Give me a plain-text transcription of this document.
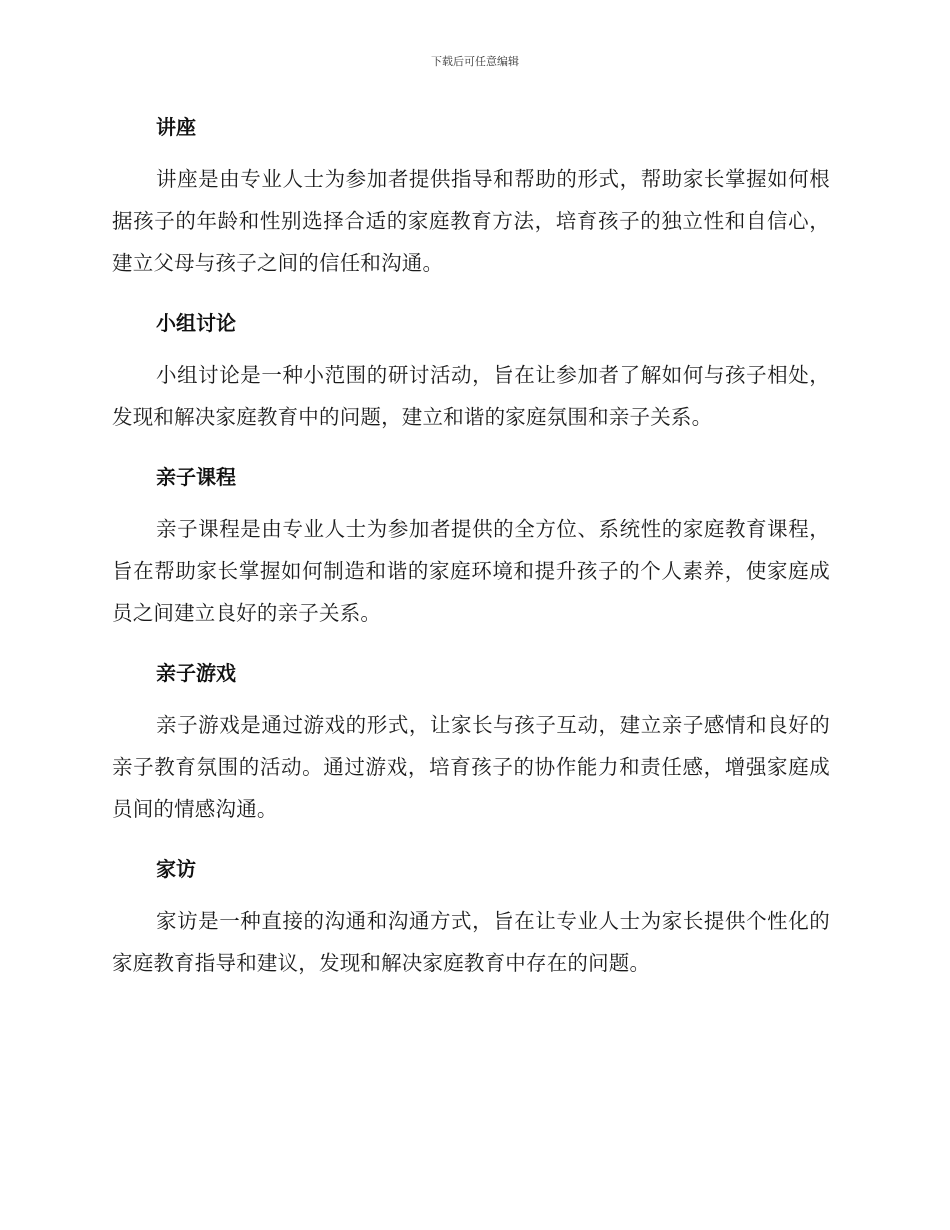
下载后可任意编辑
讲座

讲座是由专业人士为参加者提供指导和帮助的形式，帮助家长掌握如何根据孩子的年龄和性别选择合适的家庭教育方法，培育孩子的独立性和自信心，建立父母与孩子之间的信任和沟通。

小组讨论

小组讨论是一种小范围的研讨活动，旨在让参加者了解如何与孩子相处，发现和解决家庭教育中的问题，建立和谐的家庭氛围和亲子关系。

亲子课程

亲子课程是由专业人士为参加者提供的全方位、系统性的家庭教育课程，旨在帮助家长掌握如何制造和谐的家庭环境和提升孩子的个人素养，使家庭成员之间建立良好的亲子关系。

亲子游戏

亲子游戏是通过游戏的形式，让家长与孩子互动，建立亲子感情和良好的亲子教育氛围的活动。通过游戏，培育孩子的协作能力和责任感，增强家庭成员间的情感沟通。

家访

家访是一种直接的沟通和沟通方式，旨在让专业人士为家长提供个性化的家庭教育指导和建议，发现和解决家庭教育中存在的问题。
